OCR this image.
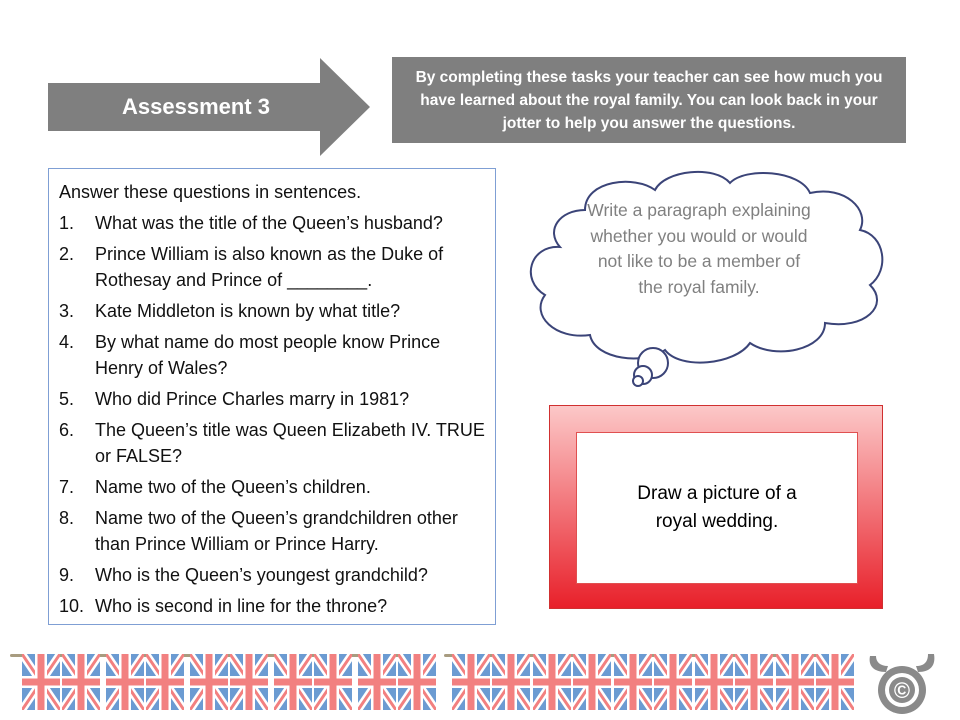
Assessment 3
By completing these tasks your teacher can see how much you have learned about the royal family. You can look back in your jotter to help you answer the questions.
Answer these questions in sentences.
1.	What was the title of the Queen’s husband?
2.	Prince William is also known as the Duke of Rothesay and Prince of ________.
3.	Kate Middleton is known by what title?
4.	By what name do most people know Prince Henry of Wales?
5.	Who did Prince Charles marry in 1981?
6.	The Queen’s title was Queen Elizabeth IV. TRUE or FALSE?
7.	Name two of the Queen’s children.
8.	Name two of the Queen’s grandchildren other than Prince William or Prince Harry.
9.	Who is the Queen’s youngest grandchild?
10. Who is second in line for the throne?
Write a paragraph explaining whether you would or would not like to be a member of the royal family.
Draw a picture of a royal wedding.
©
